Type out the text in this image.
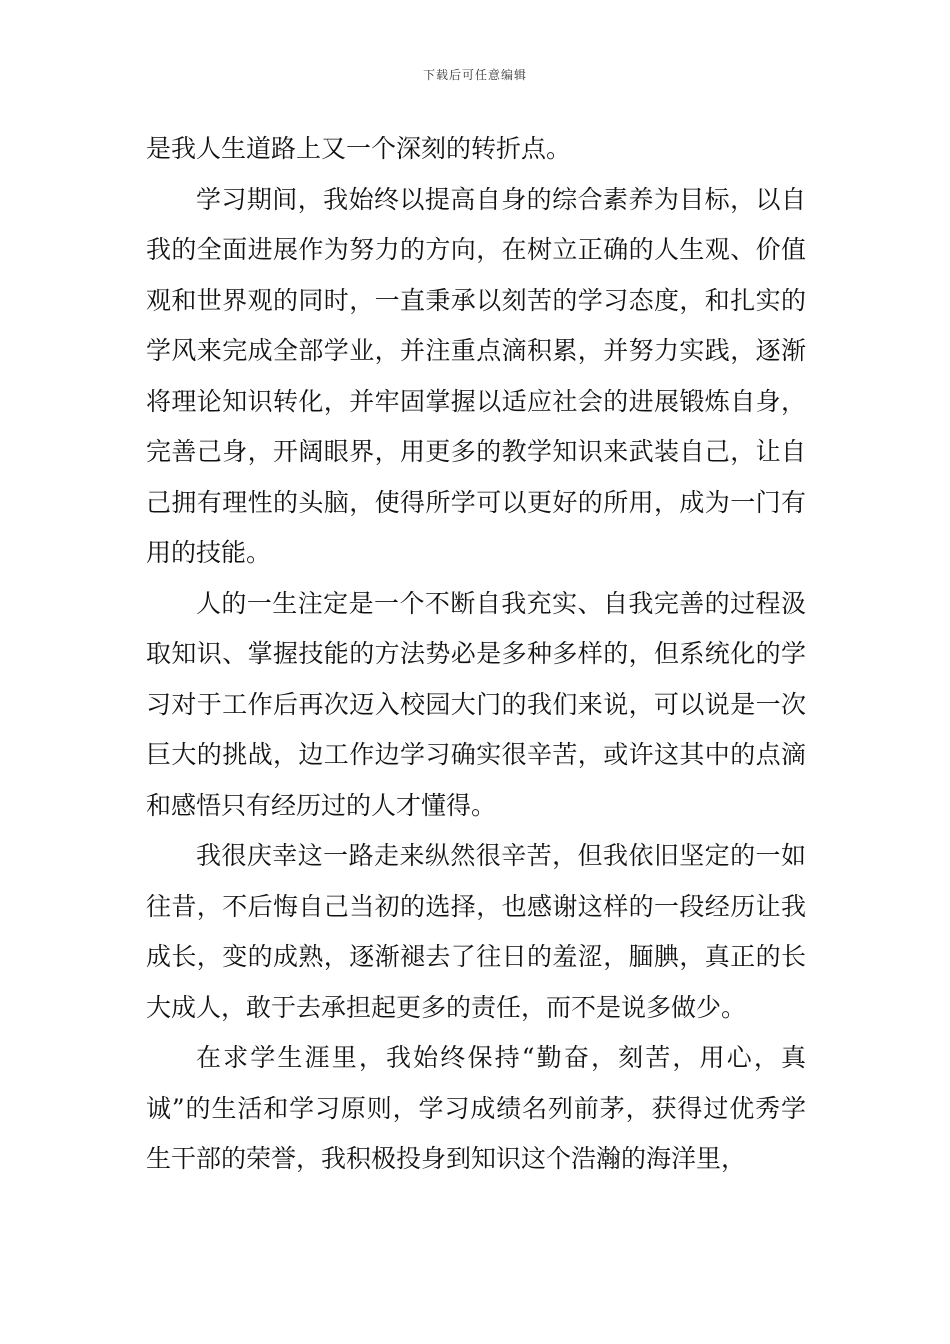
下载后可任意编辑

是我人生道路上又一个深刻的转折点。

学习期间，我始终以提高自身的综合素养为目标，以自我的全面进展作为努力的方向，在树立正确的人生观、价值观和世界观的同时，一直秉承以刻苦的学习态度，和扎实的学风来完成全部学业，并注重点滴积累，并努力实践，逐渐将理论知识转化，并牢固掌握以适应社会的进展锻炼自身，完善己身，开阔眼界，用更多的教学知识来武装自己，让自己拥有理性的头脑，使得所学可以更好的所用，成为一门有用的技能。

人的一生注定是一个不断自我充实、自我完善的过程汲取知识、掌握技能的方法势必是多种多样的，但系统化的学习对于工作后再次迈入校园大门的我们来说，可以说是一次巨大的挑战，边工作边学习确实很辛苦，或许这其中的点滴和感悟只有经历过的人才懂得。

我很庆幸这一路走来纵然很辛苦，但我依旧坚定的一如往昔，不后悔自己当初的选择，也感谢这样的一段经历让我成长，变的成熟，逐渐褪去了往日的羞涩，腼腆，真正的长大成人，敢于去承担起更多的责任，而不是说多做少。

在求学生涯里，我始终保持“勤奋，刻苦，用心，真诚”的生活和学习原则，学习成绩名列前茅，获得过优秀学生干部的荣誉，我积极投身到知识这个浩瀚的海洋里，
